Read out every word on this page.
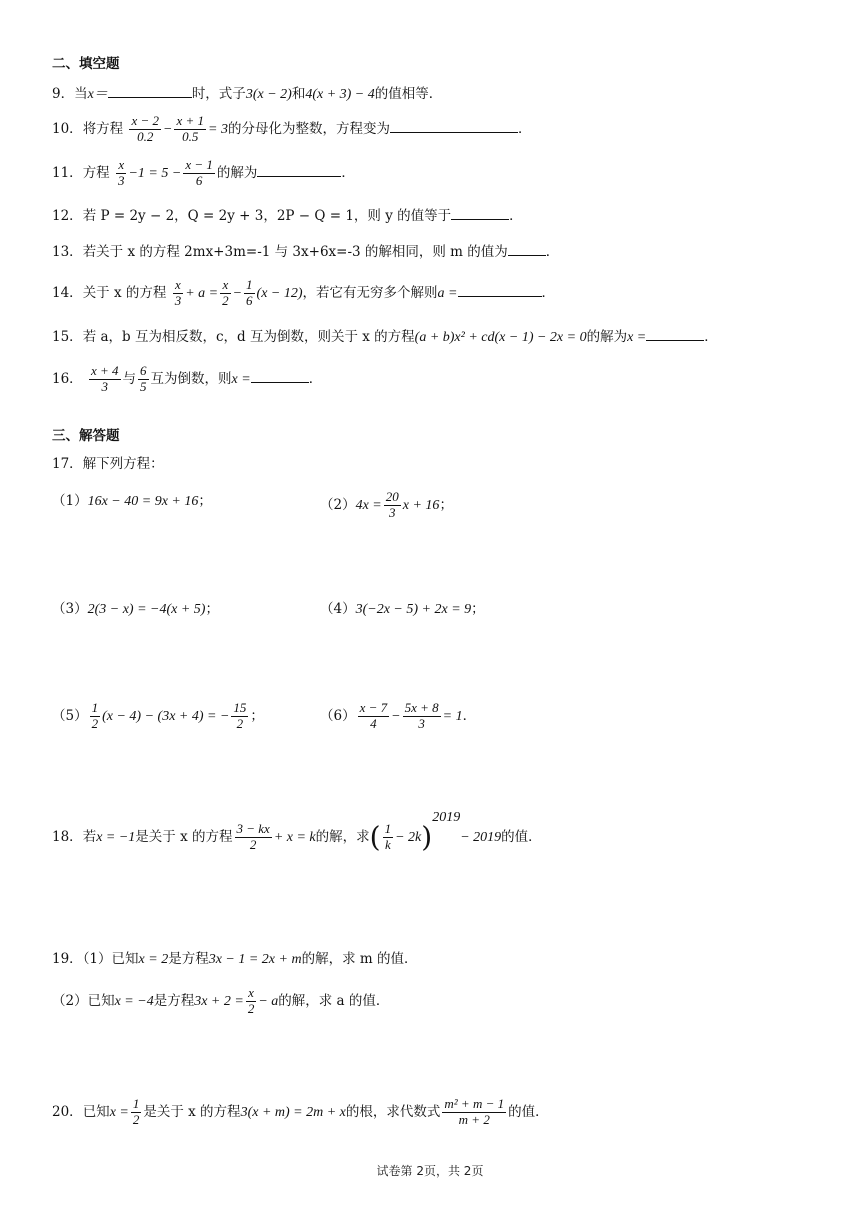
二、填空题
9．当x＝	时，式子3(x − 2)和4(x + 3) − 4的值相等．
10．将方程 $\frac{x - 2}{0.2} - \frac{x + 1}{0.5} = 3$的分母化为整数，方程变为	．
11．方程 $\frac{x}{3} -1 = 5 - \frac{x - 1}{6}$ 的解为	．
12．若 P = 2y − 2，Q = 2y + 3，2P − Q = 1，则 y 的值等于	．
13．若关于 x 的方程 2mx+3m=-1 与 3x+6x=-3 的解相同，则 m 的值为	．
14．关于 x 的方程 $\frac{x}{3} + a = \frac{x}{2} - \frac{1}{6} (x - 12)$，若它有无穷多个解则a =	．
15．若 a，b 互为相反数，c，d 互为倒数，则关于 x 的方程(a + b)x² + cd(x − 1) − 2x = 0的解为x =	．
16． $\frac{x + 4}{3}$ 与 $\frac{6}{5}$ 互为倒数，则x =	．
三、解答题
17．解下列方程：
（1）16x − 40 = 9x + 16；	$(2)4x = \frac{20}{3}$ x + 16；
（3）2(3 − x) = −4(x + 5)；	（4）3(−2x − 5) + 2x = 9；
$(5) \frac{1}{2} (x - 4) - (3x + 4)$ = − $\frac{15}{2}$ ；	$(6) \frac{x - 7}{4} - \frac{5x + 8}{3} = 1$．
18．若x = −1是关于 x 的方程 $\frac{3 - kx}{2} + x = k$的解，求( $\frac{1}{k} - 2k)^{2019}- 2019$的值．
19．（1）已知x = 2是方程3x − 1 = 2x + m的解，求 m 的值．
（2）已知x = −4是方程$3x + 2 = \frac{x}{2} - a$的解，求 a 的值．
20．已知$x = \frac{1}{2}$ 是关于 x 的方程3(x + m) = 2m + x的根，求代数式 $\frac{\text{m² + m − 1}}{m + 2}$ 的值．
试卷第 2页，共 2页
